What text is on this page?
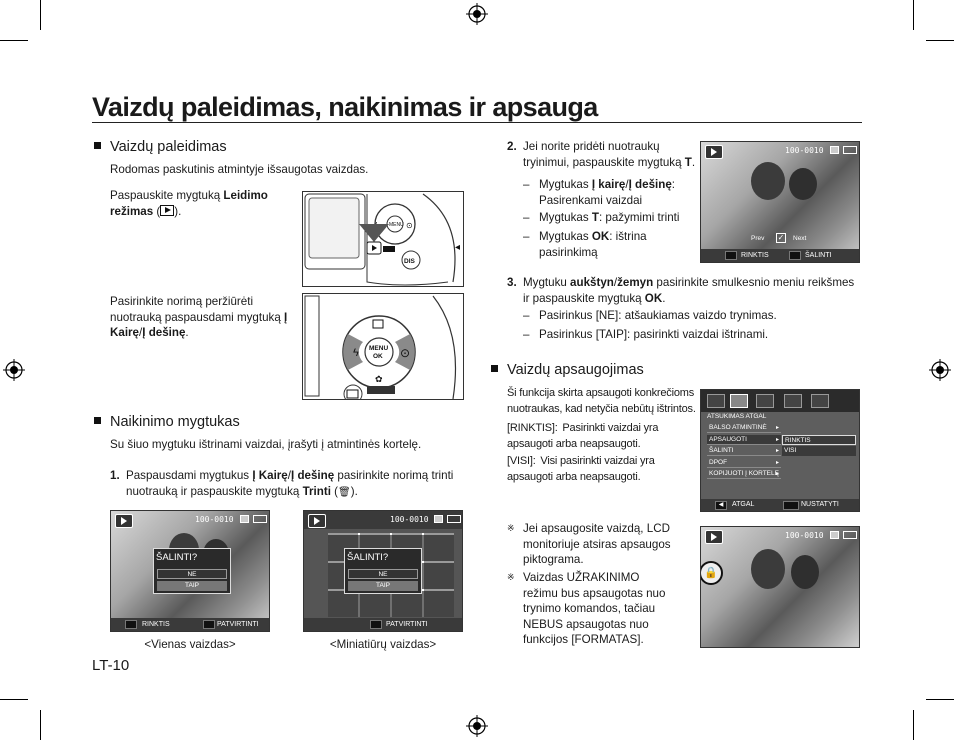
Vaizdų paleidimas, naikinimas ir apsauga
Vaizdų paleidimas
Rodomas paskutinis atmintyje išsaugotas vaizdas.
Paspauskite mygtuką Leidimo režimas ( ).
MENU ⊙
DIS
◂
Pasirinkite norimą peržiūrėti nuotrauką paspausdami mygtuką Į Kairę/Į dešinę.
MENU
OK
ϟ	⊙
✿
Naikinimo mygtukas
Su šiuo mygtuku ištrinami vaizdai, įrašyti į atmintinės kortelę.
1. Paspausdami mygtukus Į Kairę/Į dešinę pasirinkite norimą trinti nuotrauką ir paspauskite mygtuką Trinti (🗑).
100-0010
ŠALINTI?
NE
TAIP
RINKTIS	PATVIRTINTI
<Vienas vaizdas>
100-0010
ŠALINTI?
NE
TAIP
PATVIRTINTI
<Miniatiūrų vaizdas>
LT-10
2. Jei norite pridėti nuotraukų tryinimui, paspauskite mygtuką T.
– Mygtukas Į kairę/Į dešinę: Pasirenkami vaizdai
– Mygtukas T: pažymimi trinti
– Mygtukas OK: ištrina pasirinkimą
100-0010
Prev ✓ Next
RINKTIS	ŠALINTI
3. Mygtuku aukštyn/žemyn pasirinkite smulkesnio meniu reikšmes ir paspauskite mygtuką OK.
– Pasirinkus [NE]: atšaukiamas vaizdo trynimas.
– Pasirinkus [TAIP]: pasirinkti vaizdai ištrinami.
Vaizdų apsaugojimas
Ši funkcija skirta apsaugoti konkrečioms nuotraukas, kad netyčia nebūtų ištrintos.
[RINKTIS]: Pasirinkti vaizdai yra apsaugoti arba neapsaugoti.
[VISI]: Visi pasirinkti vaizdai yra apsaugoti arba neapsaugoti.
ATSUKIMAS ATGAL
BALSO ATMINTINĖ ▸
APSAUGOTI ▸
ŠALINTI ▸
DPOF ▸
KOPIJUOTI Į KORTELĘ ▸
RINKTIS
VISI
◀	ATGAL	NUSTATYTI
※ Jei apsaugosite vaizdą, LCD monitoriuje atsiras apsaugos piktograma.
※ Vaizdas UŽRAKINIMO režimu bus apsaugotas nuo trynimo komandos, tačiau NEBUS apsaugotas nuo funkcijos [FORMATAS].
100-0010
🔒
